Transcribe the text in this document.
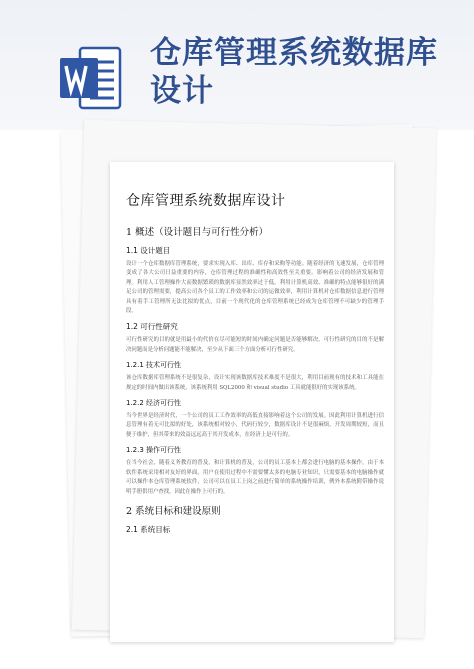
仓库管理系统数据库设计
仓库管理系统数据库设计
1 概述（设计题目与可行性分析）
1.1 设计题目

设计一个仓库数据库管理系统，要求实现入库、出库、库存和采购等功能。随着经济的飞速发展，仓库管理变成了各大公司日益重要的内容，仓库管理过程的准确性和高效性至关重要。影响着公司的经济发展和管理。利用人工管理操作大而数据繁琐的数据库显然效率过于低。利用计算机高效、准确的特点能够很好的满足公司的管理需要，提高公司各个员工的工作效率和公司的运做效率，利用计算机对仓库数据信息进行管理具有着手工管理所无法比拟的优点，目前一个现代化的仓库管理系统已经成为仓库管理不可缺少的管理手段。

1.2 可行性研究

可行性研究的目的就是用最小的代价在尽可能短的时间内确定问题是否能够解决。可行性研究的目的不是解决问题而是分析问题能不能解决，至少从下面三个方面分析可行性研究。

1.2.1 技术可行性

该仓库数据库管理系统不是很复杂，设计实现该数据库技术难度不是很大，利用目前现有的技术和工具能在规定的时间内做出该系统，该系统利用 SQL2000 和 visual studio 工具就能很好的实现该系统。

1.2.2 经济可行性

当今世界是经济时代，一个公司的员工工作效率的高低直接影响着这个公司的发展。因此利用计算机进行信息管理有着无可比拟的好处，该系统相对较小，代码行较少，数据库设计不是很麻烦，开发周期较短，而且便于维护，但其带来的效益远远高于其开发成本，在经济上是可行的。

1.2.3 操作可行性

在当今社会，随着义务教育的普及，和计算机的普及，公司的员工基本上都会进行电脑的基本操作，由于本软件系统采用相对友好的界面，用户在使用过程中不需要懂太多的电脑专业知识，只需要基本的电脑操作就可以操作本仓库管理系统软件，公司可以在员工上岗之前进行简单的系统操作培训，例外本系统附带操作说明手册供用户查找，因此在操作上可行的。

2 系统目标和建设原则
2.1 系统目标
